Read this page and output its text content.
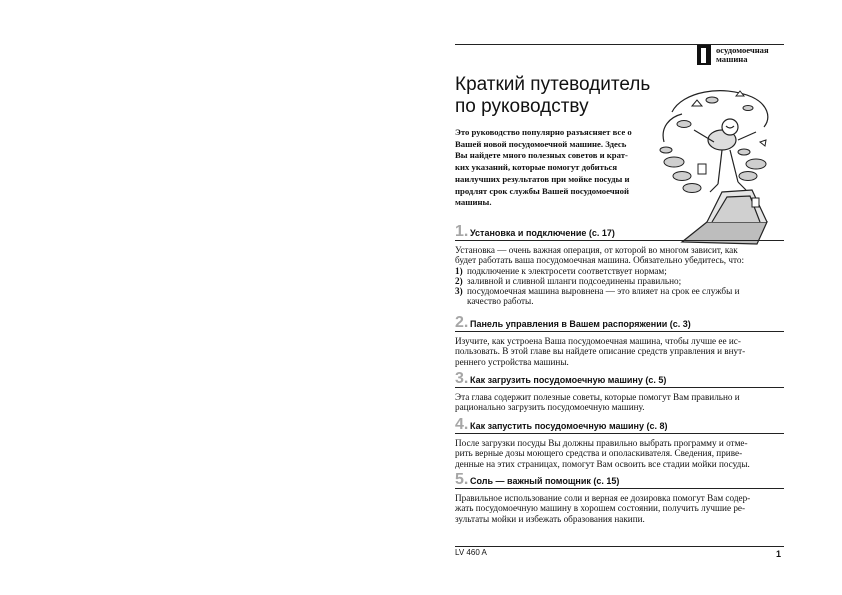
осудомоечная
машина
Краткий путеводитель
по руководству
Это руководство популярно разъясняет все о
Вашей новой посудомоечной машине. Здесь
Вы найдете много полезных советов и крат-
ких указаний, которые помогут добиться
наилучших результатов при мойке посуды и
продлят срок службы Вашей посудомоечной
машины.
1. Установка и подключение (с. 17)
Установка — очень важная операция, от которой во многом зависит, как
будет работать ваша посудомоечная машина. Обязательно убедитесь, что:
1) подключение к электросети соответствует нормам;
2) заливной и сливной шланги подсоединены правильно;
3) посудомоечная машина выровнена — это влияет на срок ее службы и
качество работы.
2. Панель управления в Вашем распоряжении (с. 3)
Изучите, как устроена Ваша посудомоечная машина, чтобы лучше ее ис-
пользовать. В этой главе вы найдете описание средств управления и внут-
реннего устройства машины.
3. Как загрузить посудомоечную машину (с. 5)
Эта глава содержит полезные советы, которые помогут Вам правильно и
рационально загрузить посудомоечную машину.
4. Как запустить посудомоечную машину (с. 8)
После загрузки посуды Вы должны правильно выбрать программу и отме-
рить верные дозы моющего средства и ополаскивателя. Сведения, приве-
денные на этих страницах, помогут Вам освоить все стадии мойки посуды.
5. Соль — важный помощник (с. 15)
Правильное использование соли и верная ее дозировка помогут Вам содер-
жать посудомоечную машину в хорошем состоянии, получить лучшие ре-
зультаты мойки и избежать образования накипи.
LV 460 A	1
